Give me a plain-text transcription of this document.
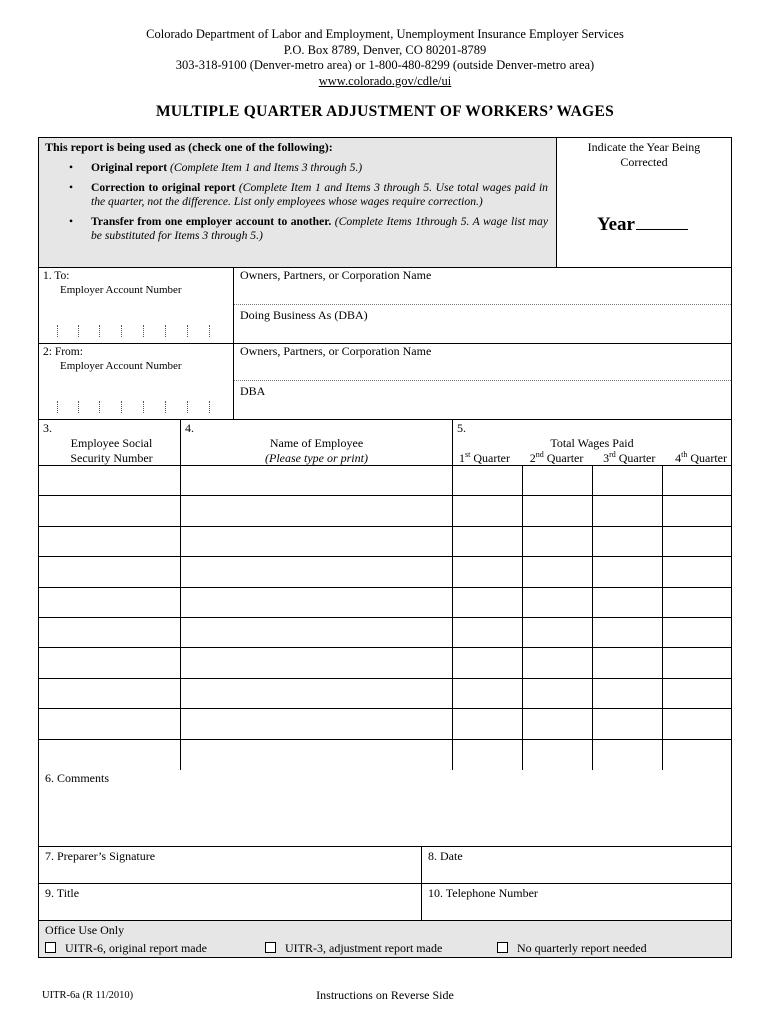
Colorado Department of Labor and Employment, Unemployment Insurance Employer Services
P.O. Box 8789, Denver, CO 80201-8789
303-318-9100 (Denver-metro area) or 1-800-480-8299 (outside Denver-metro area)
www.colorado.gov/cdle/ui
MULTIPLE QUARTER ADJUSTMENT OF WORKERS’ WAGES
This report is being used as (check one of the following):
• Original report (Complete Item 1 and Items 3 through 5.)
• Correction to original report (Complete Item 1 and Items 3 through 5. Use total wages paid in the quarter, not the difference. List only employees whose wages require correction.)
• Transfer from one employer account to another. (Complete Items 1through 5. A wage list may be substituted for Items 3 through 5.)
Indicate the Year Being
Corrected
Year
1. To:
Employer Account Number
Owners, Partners, or Corporation Name
Doing Business As (DBA)
2: From:
Employer Account Number
Owners, Partners, or Corporation Name
DBA
3.
Employee Social
Security Number
4.
Name of Employee
(Please type or print)
5.
Total Wages Paid
1st Quarter 2nd Quarter 3rd Quarter 4th Quarter
6. Comments
7. Preparer’s Signature	8. Date
9. Title	10. Telephone Number
Office Use Only
UITR-6, original report made	UITR-3, adjustment report made	No quarterly report needed
UITR-6a (R 11/2010)	Instructions on Reverse Side
